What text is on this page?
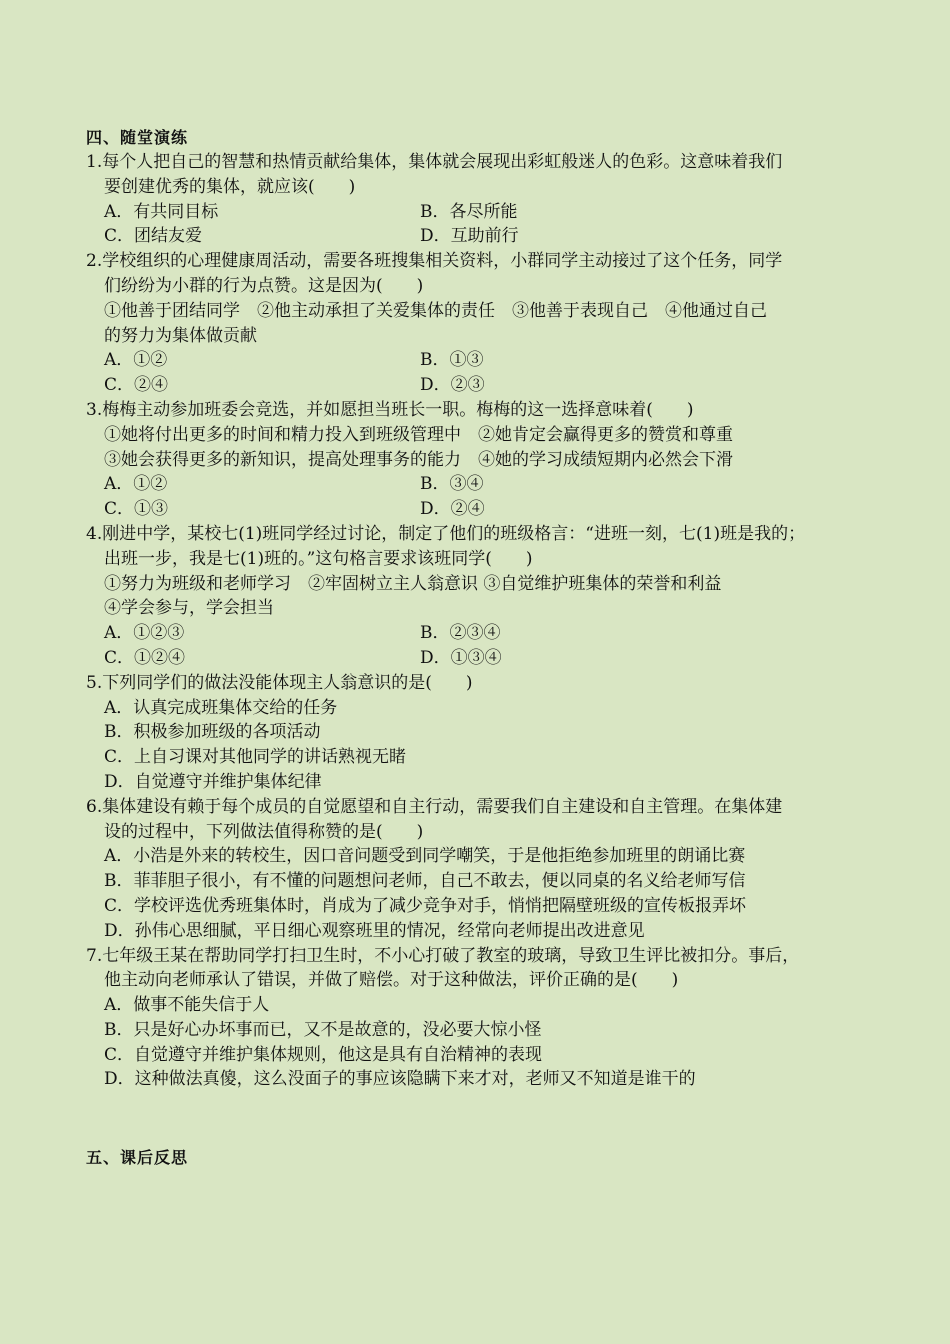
四、随堂演练
1.每个人把自己的智慧和热情贡献给集体，集体就会展现出彩虹般迷人的色彩。这意味着我们
要创建优秀的集体，就应该(　　)
A．有共同目标	B．各尽所能
C．团结友爱	D．互助前行
2.学校组织的心理健康周活动，需要各班搜集相关资料，小群同学主动接过了这个任务，同学
们纷纷为小群的行为点赞。这是因为(　　)
①他善于团结同学　②他主动承担了关爱集体的责任　③他善于表现自己　④他通过自己
的努力为集体做贡献
A．①②	B．①③
C．②④	D．②③
3.梅梅主动参加班委会竞选，并如愿担当班长一职。梅梅的这一选择意味着(　　)
①她将付出更多的时间和精力投入到班级管理中　②她肯定会赢得更多的赞赏和尊重
③她会获得更多的新知识，提高处理事务的能力　④她的学习成绩短期内必然会下滑
A．①②	B．③④
C．①③	D．②④
4.刚进中学，某校七(1)班同学经过讨论，制定了他们的班级格言：“进班一刻，七(1)班是我的；
出班一步，我是七(1)班的。”这句格言要求该班同学(　　)
①努力为班级和老师学习　②牢固树立主人翁意识 ③自觉维护班集体的荣誉和利益
④学会参与，学会担当
A．①②③	B．②③④
C．①②④	D．①③④
5.下列同学们的做法没能体现主人翁意识的是(　　)
A．认真完成班集体交给的任务
B．积极参加班级的各项活动
C．上自习课对其他同学的讲话熟视无睹
D．自觉遵守并维护集体纪律
6.集体建设有赖于每个成员的自觉愿望和自主行动，需要我们自主建设和自主管理。在集体建
设的过程中，下列做法值得称赞的是(　　)
A．小浩是外来的转校生，因口音问题受到同学嘲笑，于是他拒绝参加班里的朗诵比赛
B．菲菲胆子很小，有不懂的问题想问老师，自己不敢去，便以同桌的名义给老师写信
C．学校评选优秀班集体时，肖成为了减少竞争对手，悄悄把隔壁班级的宣传板报弄坏
D．孙伟心思细腻，平日细心观察班里的情况，经常向老师提出改进意见
7.七年级王某在帮助同学打扫卫生时，不小心打破了教室的玻璃，导致卫生评比被扣分。事后，
他主动向老师承认了错误，并做了赔偿。对于这种做法，评价正确的是(　　)
A．做事不能失信于人
B．只是好心办坏事而已，又不是故意的，没必要大惊小怪
C．自觉遵守并维护集体规则，他这是具有自治精神的表现
D．这种做法真傻，这么没面子的事应该隐瞒下来才对，老师又不知道是谁干的
五、课后反思
